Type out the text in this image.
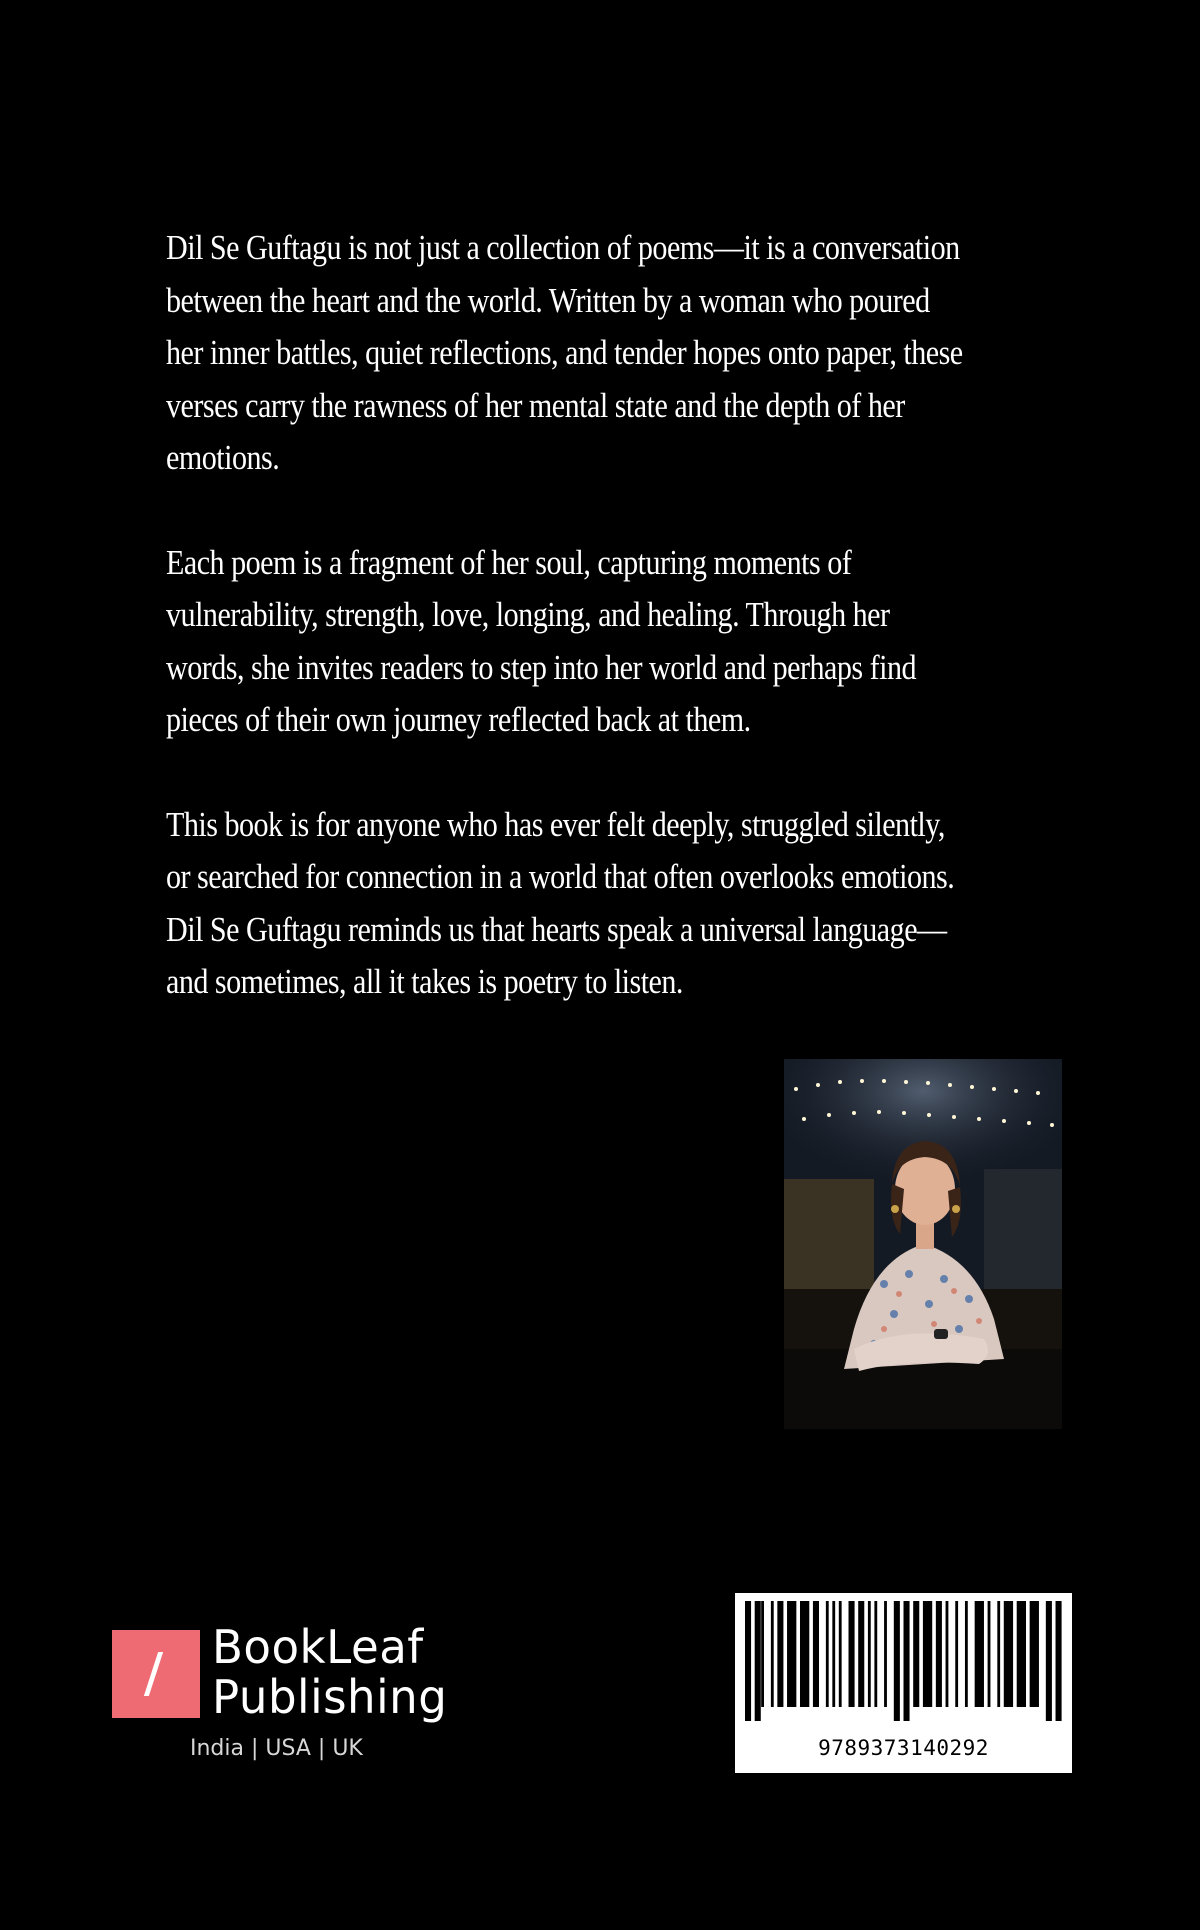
Dil Se Guftagu is not just a collection of poems—it is a conversation between the heart and the world. Written by a woman who poured her inner battles, quiet reflections, and tender hopes onto paper, these verses carry the rawness of her mental state and the depth of her emotions.

Each poem is a fragment of her soul, capturing moments of vulnerability, strength, love, longing, and healing. Through her words, she invites readers to step into her world and perhaps find pieces of their own journey reflected back at them.

This book is for anyone who has ever felt deeply, struggled silently, or searched for connection in a world that often overlooks emotions. Dil Se Guftagu reminds us that hearts speak a universal language—and sometimes, all it takes is poetry to listen.

BookLeaf
Publishing
India | USA | UK	9789373140292
